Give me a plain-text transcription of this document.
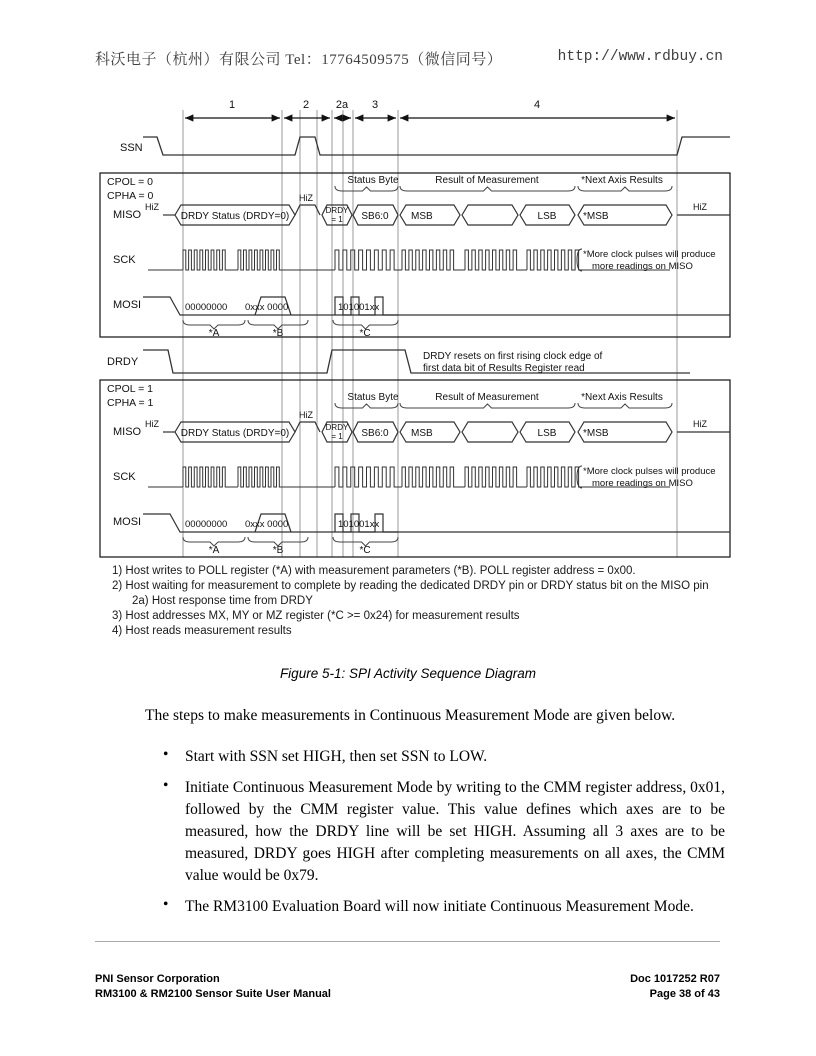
科沃电子（杭州）有限公司 Tel：17764509575（微信同号）	http://www.rdbuy.cn
1	2 2a 3	4
SSN
CPOL = 0
CPHA = 0
Status Byte	Result of Measurement	*Next Axis Results
MISO
HiZ
HiZ
HiZ
DRDY Status (DRDY=0)
DRDY
= 1 SB6:0 MSB	LSB	*MSB
SCK	*More clock pulses will produce
more readings on MISO
MOSI	00000000 0xxx 0000	101001xx
*A	*B	*C
DRDY	DRDY resets on first rising clock edge of
first data bit of Results Register read
CPOL = 1
CPHA = 1	Status Byte	Result of Measurement	*Next Axis Results
MISO
HiZ
HiZ
HiZ
DRDY Status (DRDY=0)
DRDY
= 1 SB6:0 MSB	LSB	*MSB
SCK	*More clock pulses will produce
more readings on MISO
MOSI	00000000 0xxx 0000	101001xx
*A	*B	*C
1) Host writes to POLL register (*A) with measurement parameters (*B). POLL register address = 0x00.
2) Host waiting for measurement to complete by reading the dedicated DRDY pin or DRDY status bit on the MISO pin
2a) Host response time from DRDY
3) Host addresses MX, MY or MZ register (*C >= 0x24) for measurement results
4) Host reads measurement results
Figure 5-1: SPI Activity Sequence Diagram
The steps to make measurements in Continuous Measurement Mode are given below.
•	Start with SSN set HIGH, then set SSN to LOW.
•	Initiate Continuous Measurement Mode by writing to the CMM register address, 0x01, followed by the CMM register value. This value defines which axes are to be measured, how the DRDY line will be set HIGH. Assuming all 3 axes are to be measured, DRDY goes HIGH after completing measurements on all axes, the CMM value would be 0x79.
•	The RM3100 Evaluation Board will now initiate Continuous Measurement Mode.
PNI Sensor Corporation
RM3100 & RM2100 Sensor Suite User Manual
Doc 1017252 R07
Page 38 of 43
